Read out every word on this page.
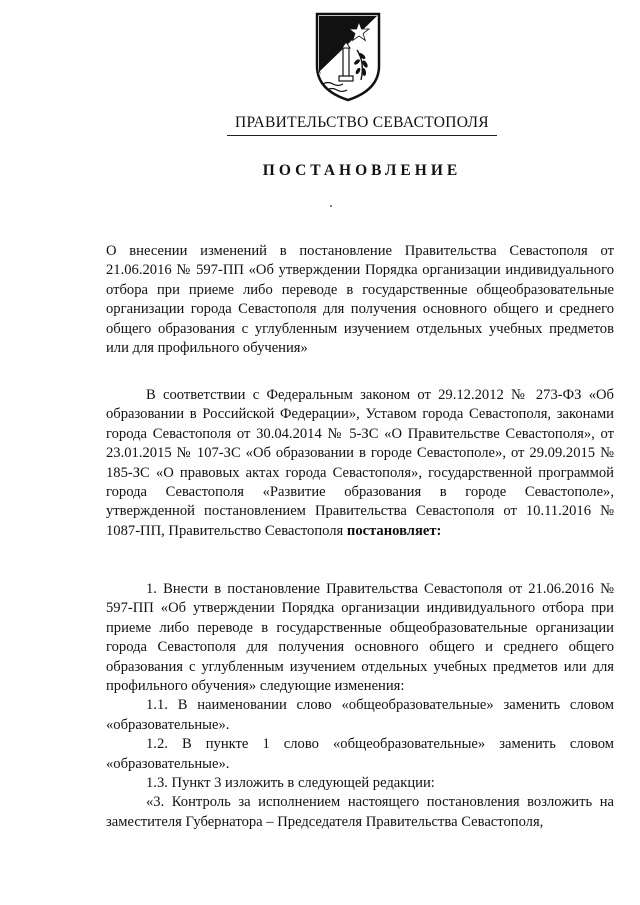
ПРАВИТЕЛЬСТВО СЕВАСТОПОЛЯ
ПОСТАНОВЛЕНИЕ

О внесении изменений в постановление Правительства Севастополя от 21.06.2016 № 597-ПП «Об утверждении Порядка организации индивидуального отбора при приеме либо переводе в государственные общеобразовательные организации города Севастополя для получения основного общего и среднего общего образования с углубленным изучением отдельных учебных предметов или для профильного обучения»

В соответствии с Федеральным законом от 29.12.2012 № 273-ФЗ «Об образовании в Российской Федерации», Уставом города Севастополя, законами города Севастополя от 30.04.2014 № 5-ЗС «О Правительстве Севастополя», от 23.01.2015 № 107-ЗС «Об образовании в городе Севастополе», от 29.09.2015 № 185-ЗС «О правовых актах города Севастополя», государственной программой города Севастополя «Развитие образования в городе Севастополе», утвержденной постановлением Правительства Севастополя от 10.11.2016 № 1087-ПП, Правительство Севастополя постановляет:

1. Внести в постановление Правительства Севастополя от 21.06.2016 № 597-ПП «Об утверждении Порядка организации индивидуального отбора при приеме либо переводе в государственные общеобразовательные организации города Севастополя для получения основного общего и среднего общего образования с углубленным изучением отдельных учебных предметов или для профильного обучения» следующие изменения:

1.1. В наименовании слово «общеобразовательные» заменить словом «образовательные».

1.2. В пункте 1 слово «общеобразовательные» заменить словом «образовательные».

1.3. Пункт 3 изложить в следующей редакции:

«3. Контроль за исполнением настоящего постановления возложить на заместителя Губернатора – Председателя Правительства Севастополя,
